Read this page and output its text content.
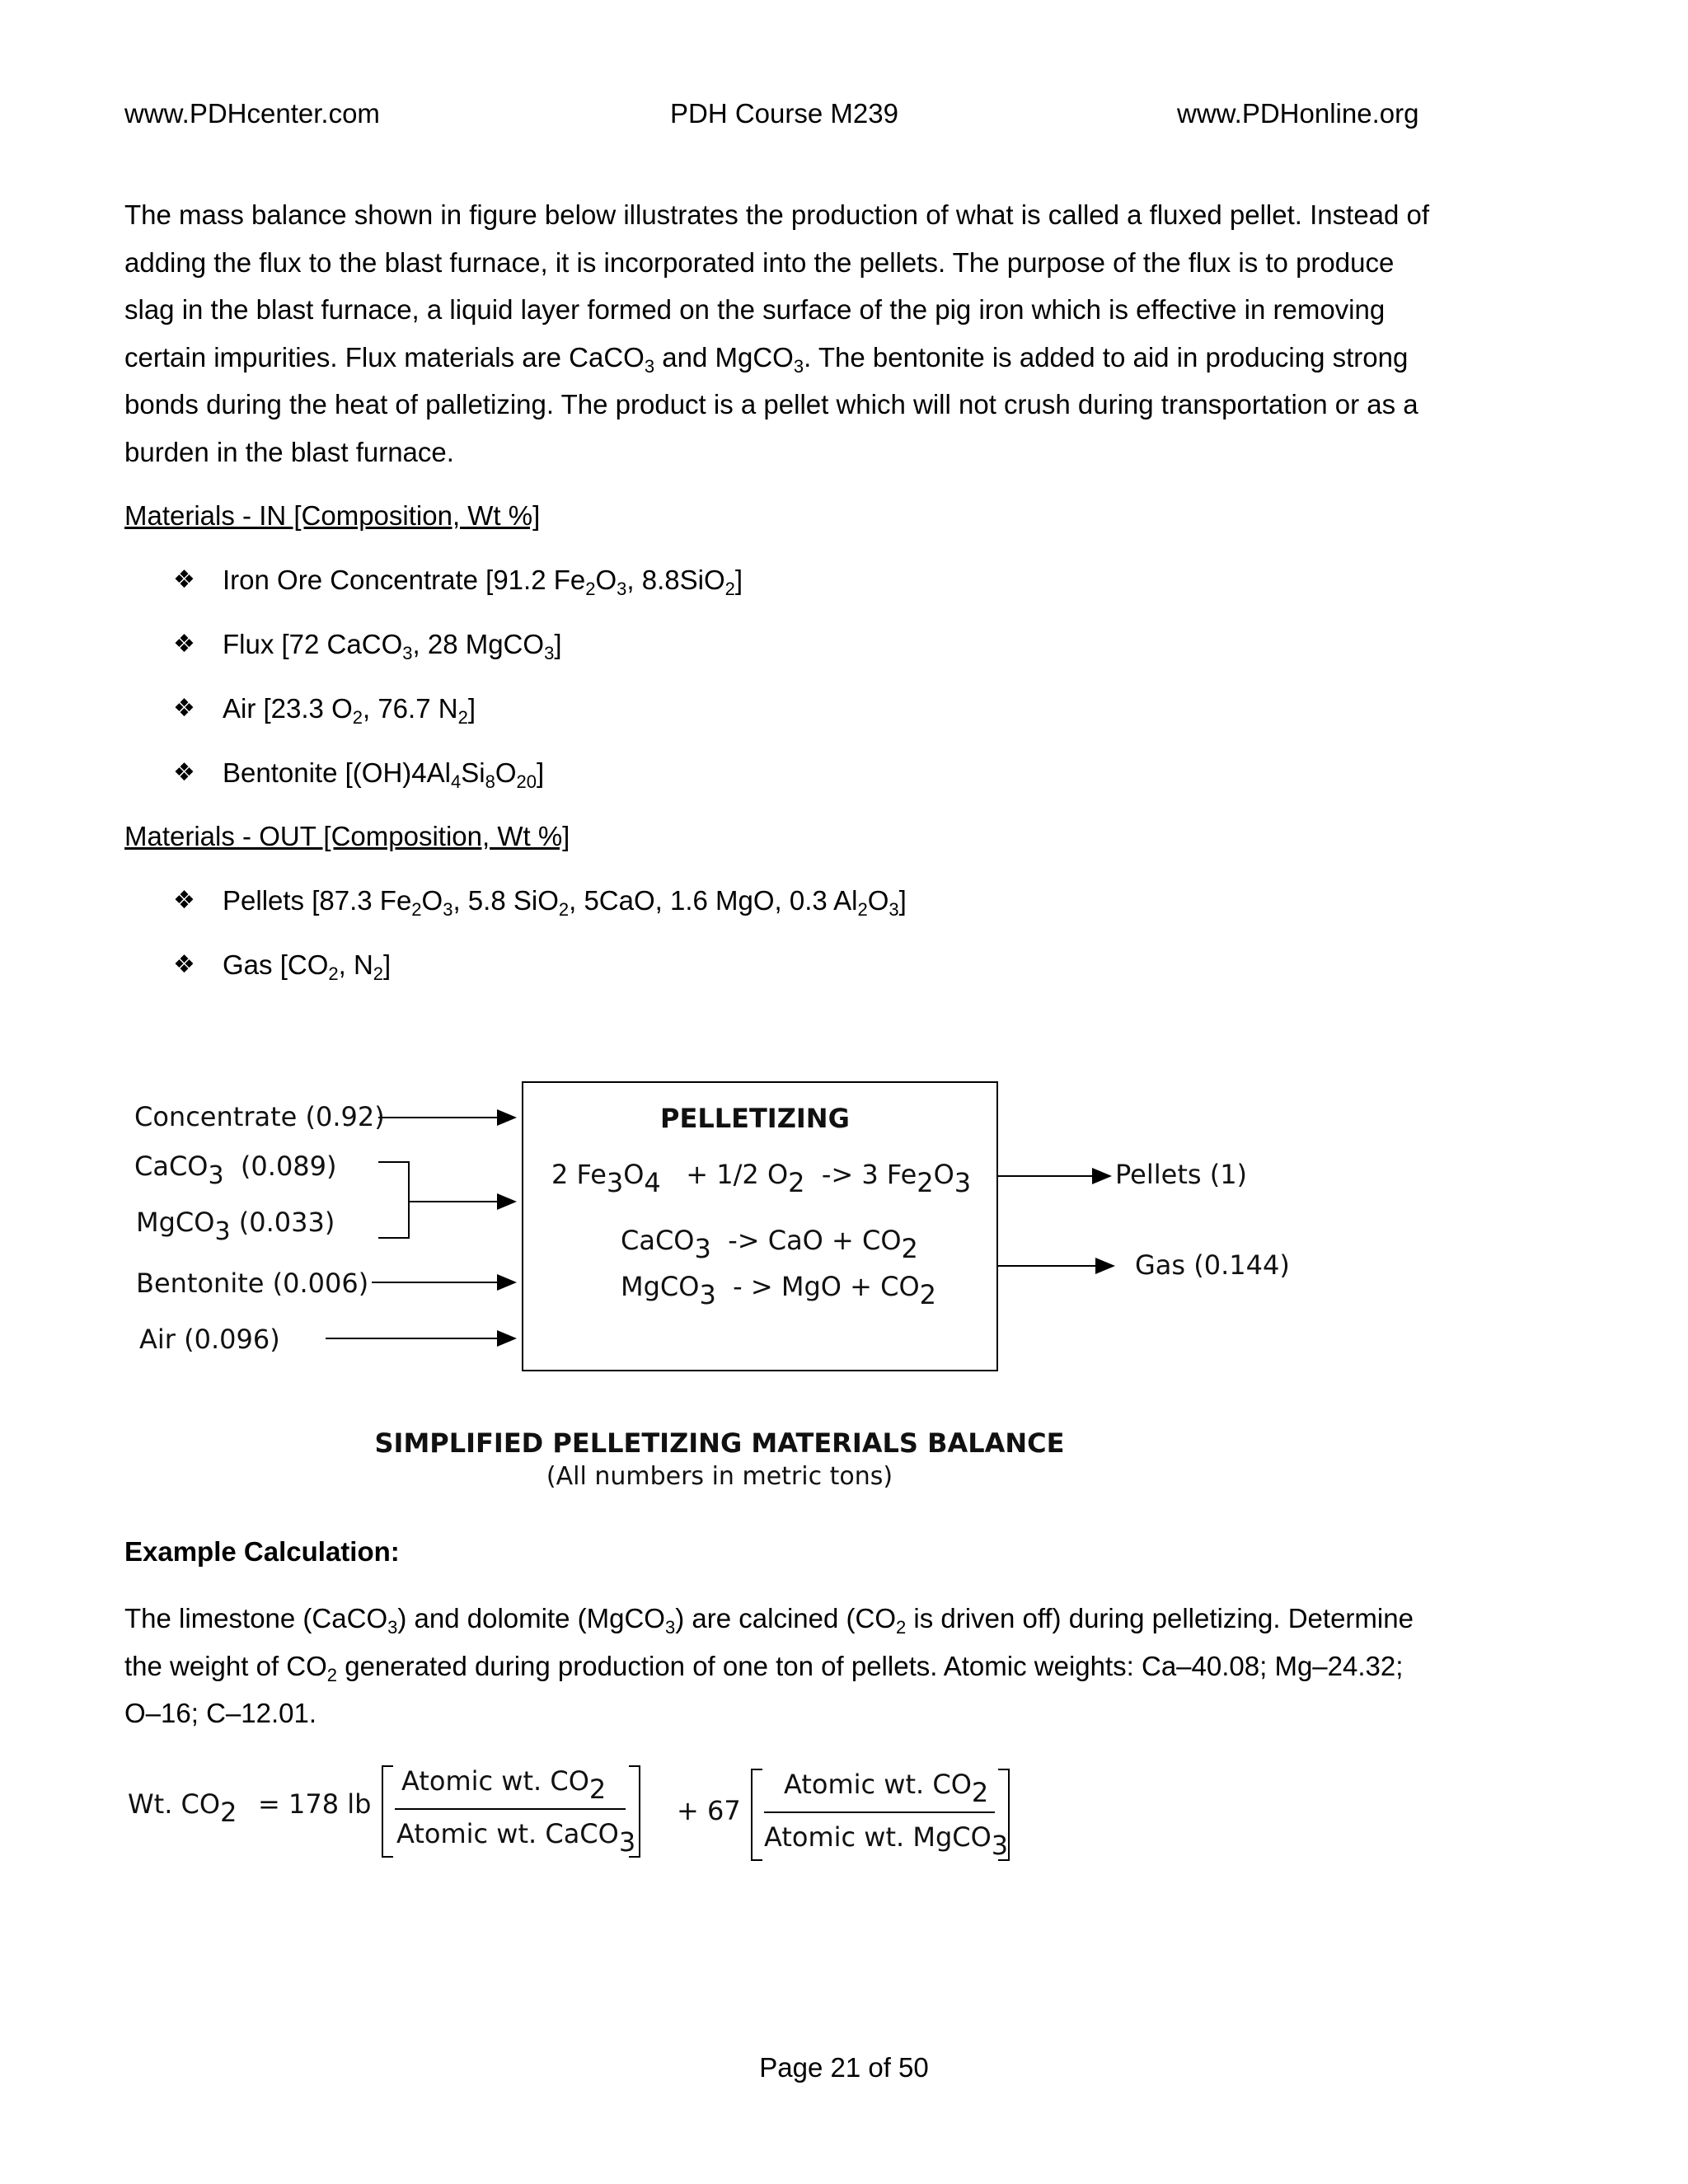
www.PDHcenter.com	PDH Course M239	www.PDHonline.org

The mass balance shown in figure below illustrates the production of what is called a fluxed pellet. Instead of adding the flux to the blast furnace, it is incorporated into the pellets. The purpose of the flux is to produce slag in the blast furnace, a liquid layer formed on the surface of the pig iron which is effective in removing certain impurities. Flux materials are CaCO$_3$ and MgCO$_3$. The bentonite is added to aid in producing strong bonds during the heat of palletizing. The product is a pellet which will not crush during transportation or as a burden in the blast furnace.

Materials - IN [Composition, Wt %]
❖	Iron Ore Concentrate [91.2 $Fe_2O_3$, 8.8SiO$_2$]
❖	Flux [72 CaCO$_3$, 28 MgCO$_3$]
❖	Air [23.3 $O_2$, 76.7 $N_2$]
❖	Bentonite $[(OH)4Al_4Si_8O_{20}]$
Materials - OUT [Composition, Wt %]
❖	Pellets [87.3 $Fe_2O_3$, 5.8 SiO$_2$, 5CaO, 1.6 MgO, 0.3 $Al_2O_3$]
❖	Gas [$CO_2$, $N_2$]
Concentrate (0.92)
CaCO$_3$ (0.089)
MgCO$_3$ (0.033)
Bentonite (0.006)
Air (0.096)
PELLETIZING
2 $Fe_3O_4 + 1/2$ $O_2 -> 3$ $Fe_2O_3$
CaCO$_3$ -> CaO + $CO_2$
MgCO$_3$ - > MgO + $CO_2$
Pellets (1)
Gas (0.144)
SIMPLIFIED PELLETIZING MATERIALS BALANCE
(All numbers in metric tons)
Example Calculation:

The limestone (CaCO$_3$) and dolomite (MgCO$_3$) are calcined ($CO_2$ is driven off) during pelletizing. Determine the weight of $CO_2$ generated during production of one ton of pellets. Atomic weights: Ca–40.08; Mg–24.32; O–16; C–12.01.

Wt. $CO_2 = 178$ lb
Atomic wt. $CO_2$
Atomic wt. CaCO$_3$
+ 67
Atomic wt. $CO_2$
Atomic wt. MgCO$_3$
Page 21 of 50
